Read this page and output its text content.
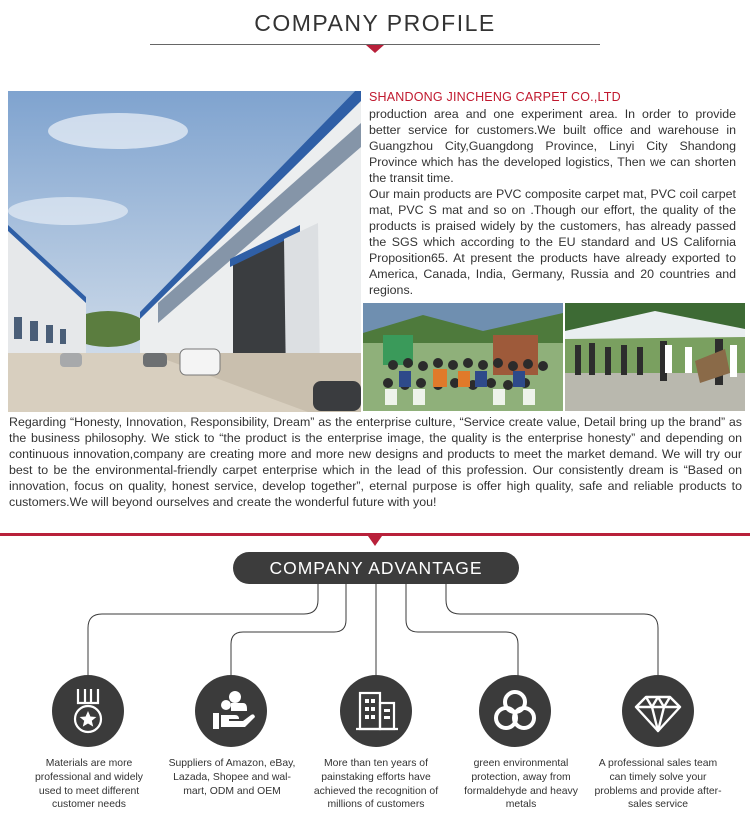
COMPANY PROFILE
SHANDONG JINCHENG CARPET CO.,LTD
production area and one experiment area. In order to provide better service for customers.We built office and warehouse in Guangzhou City,Guangdong Province, Linyi City Shandong Province which has the developed logistics, Then we can shorten the transit time.
Our main products are PVC composite carpet mat, PVC coil carpet mat, PVC S mat and so on .Though our effort, the quality of the products is praised widely by the customers, has already passed the SGS which according to the EU standard and US California Proposition65. At present the products have already exported to America, Canada, India, Germany, Russia and 20 countries and regions.
Regarding “Honesty, Innovation, Responsibility, Dream” as the enterprise culture, “Service create value, Detail bring up the brand” as the business philosophy. We stick to “the product is the enterprise image, the quality is the enterprise honesty” and depending on continuous innovation,company are creating more and more new designs and products to meet the market demand. We will try our best to be the environmental-friendly carpet enterprise which in the lead of this profession. Our consistently dream is “Based on innovation, focus on quality, honest service, develop together”, eternal purpose is offer high quality, safe and reliable products to customers.We will beyond ourselves and create the wonderful future with you!
COMPANY ADVANTAGE
Materials are more professional and widely used to meet different customer needs
Suppliers of Amazon, eBay, Lazada, Shopee and wal-mart, ODM and OEM
More than ten years of painstaking efforts have achieved the recognition of millions of customers
green environmental protection, away from formaldehyde and heavy metals
A professional sales team can timely solve your problems and provide after-sales service
